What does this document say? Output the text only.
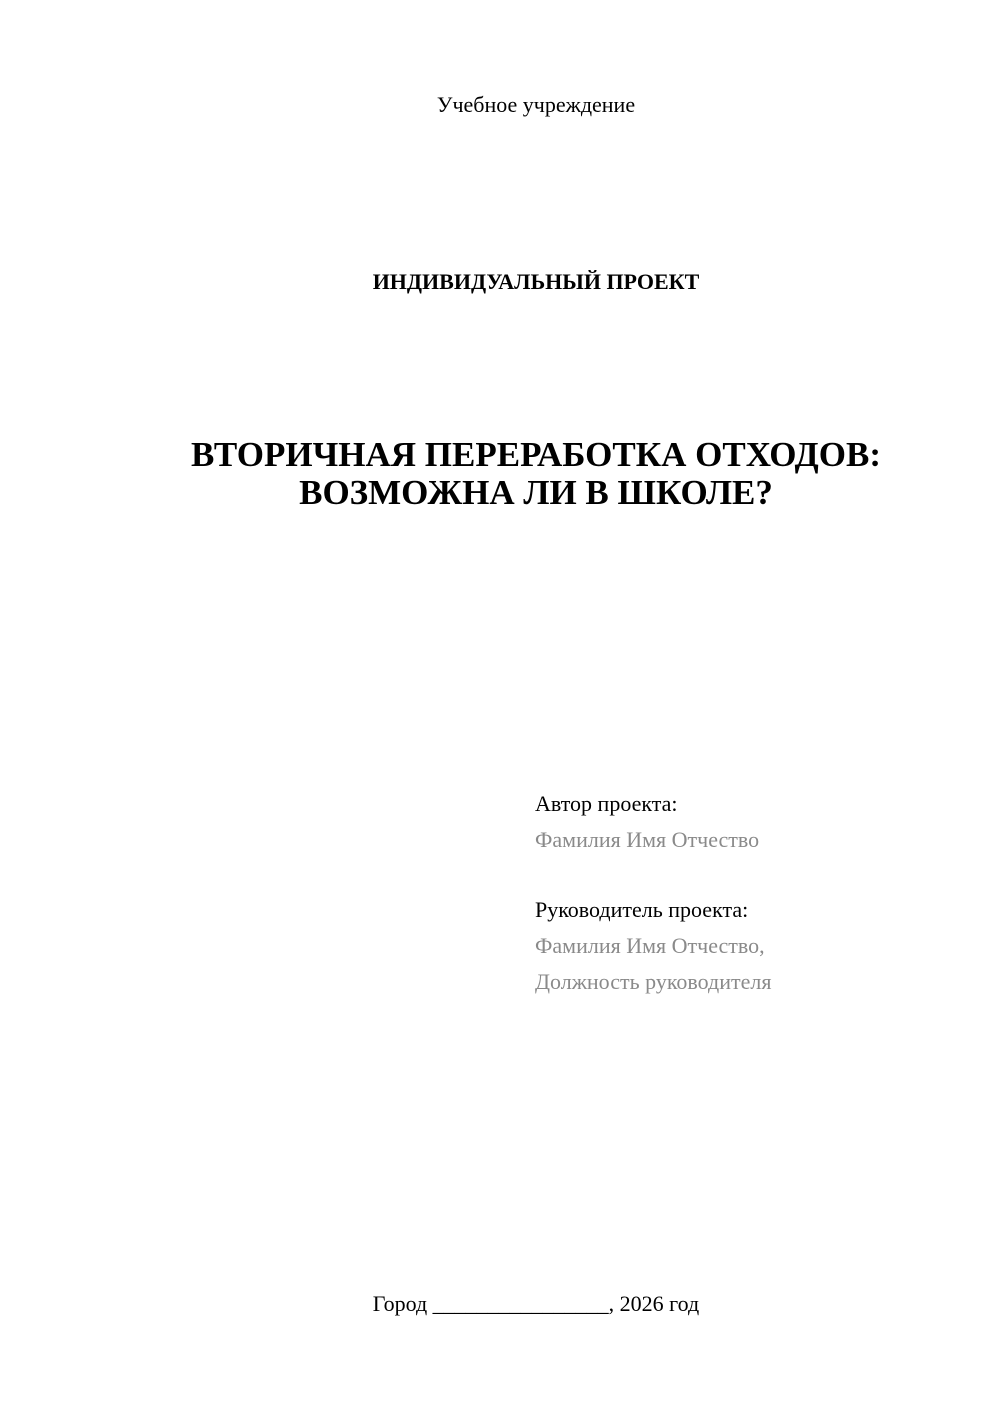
Учебное учреждение
ИНДИВИДУАЛЬНЫЙ ПРОЕКТ
ВТОРИЧНАЯ ПЕРЕРАБОТКА ОТХОДОВ:
ВОЗМОЖНА ЛИ В ШКОЛЕ?
Автор проекта:
Фамилия Имя Отчество
Руководитель проекта:
Фамилия Имя Отчество,
Должность руководителя
Город ________________, 2026 год
